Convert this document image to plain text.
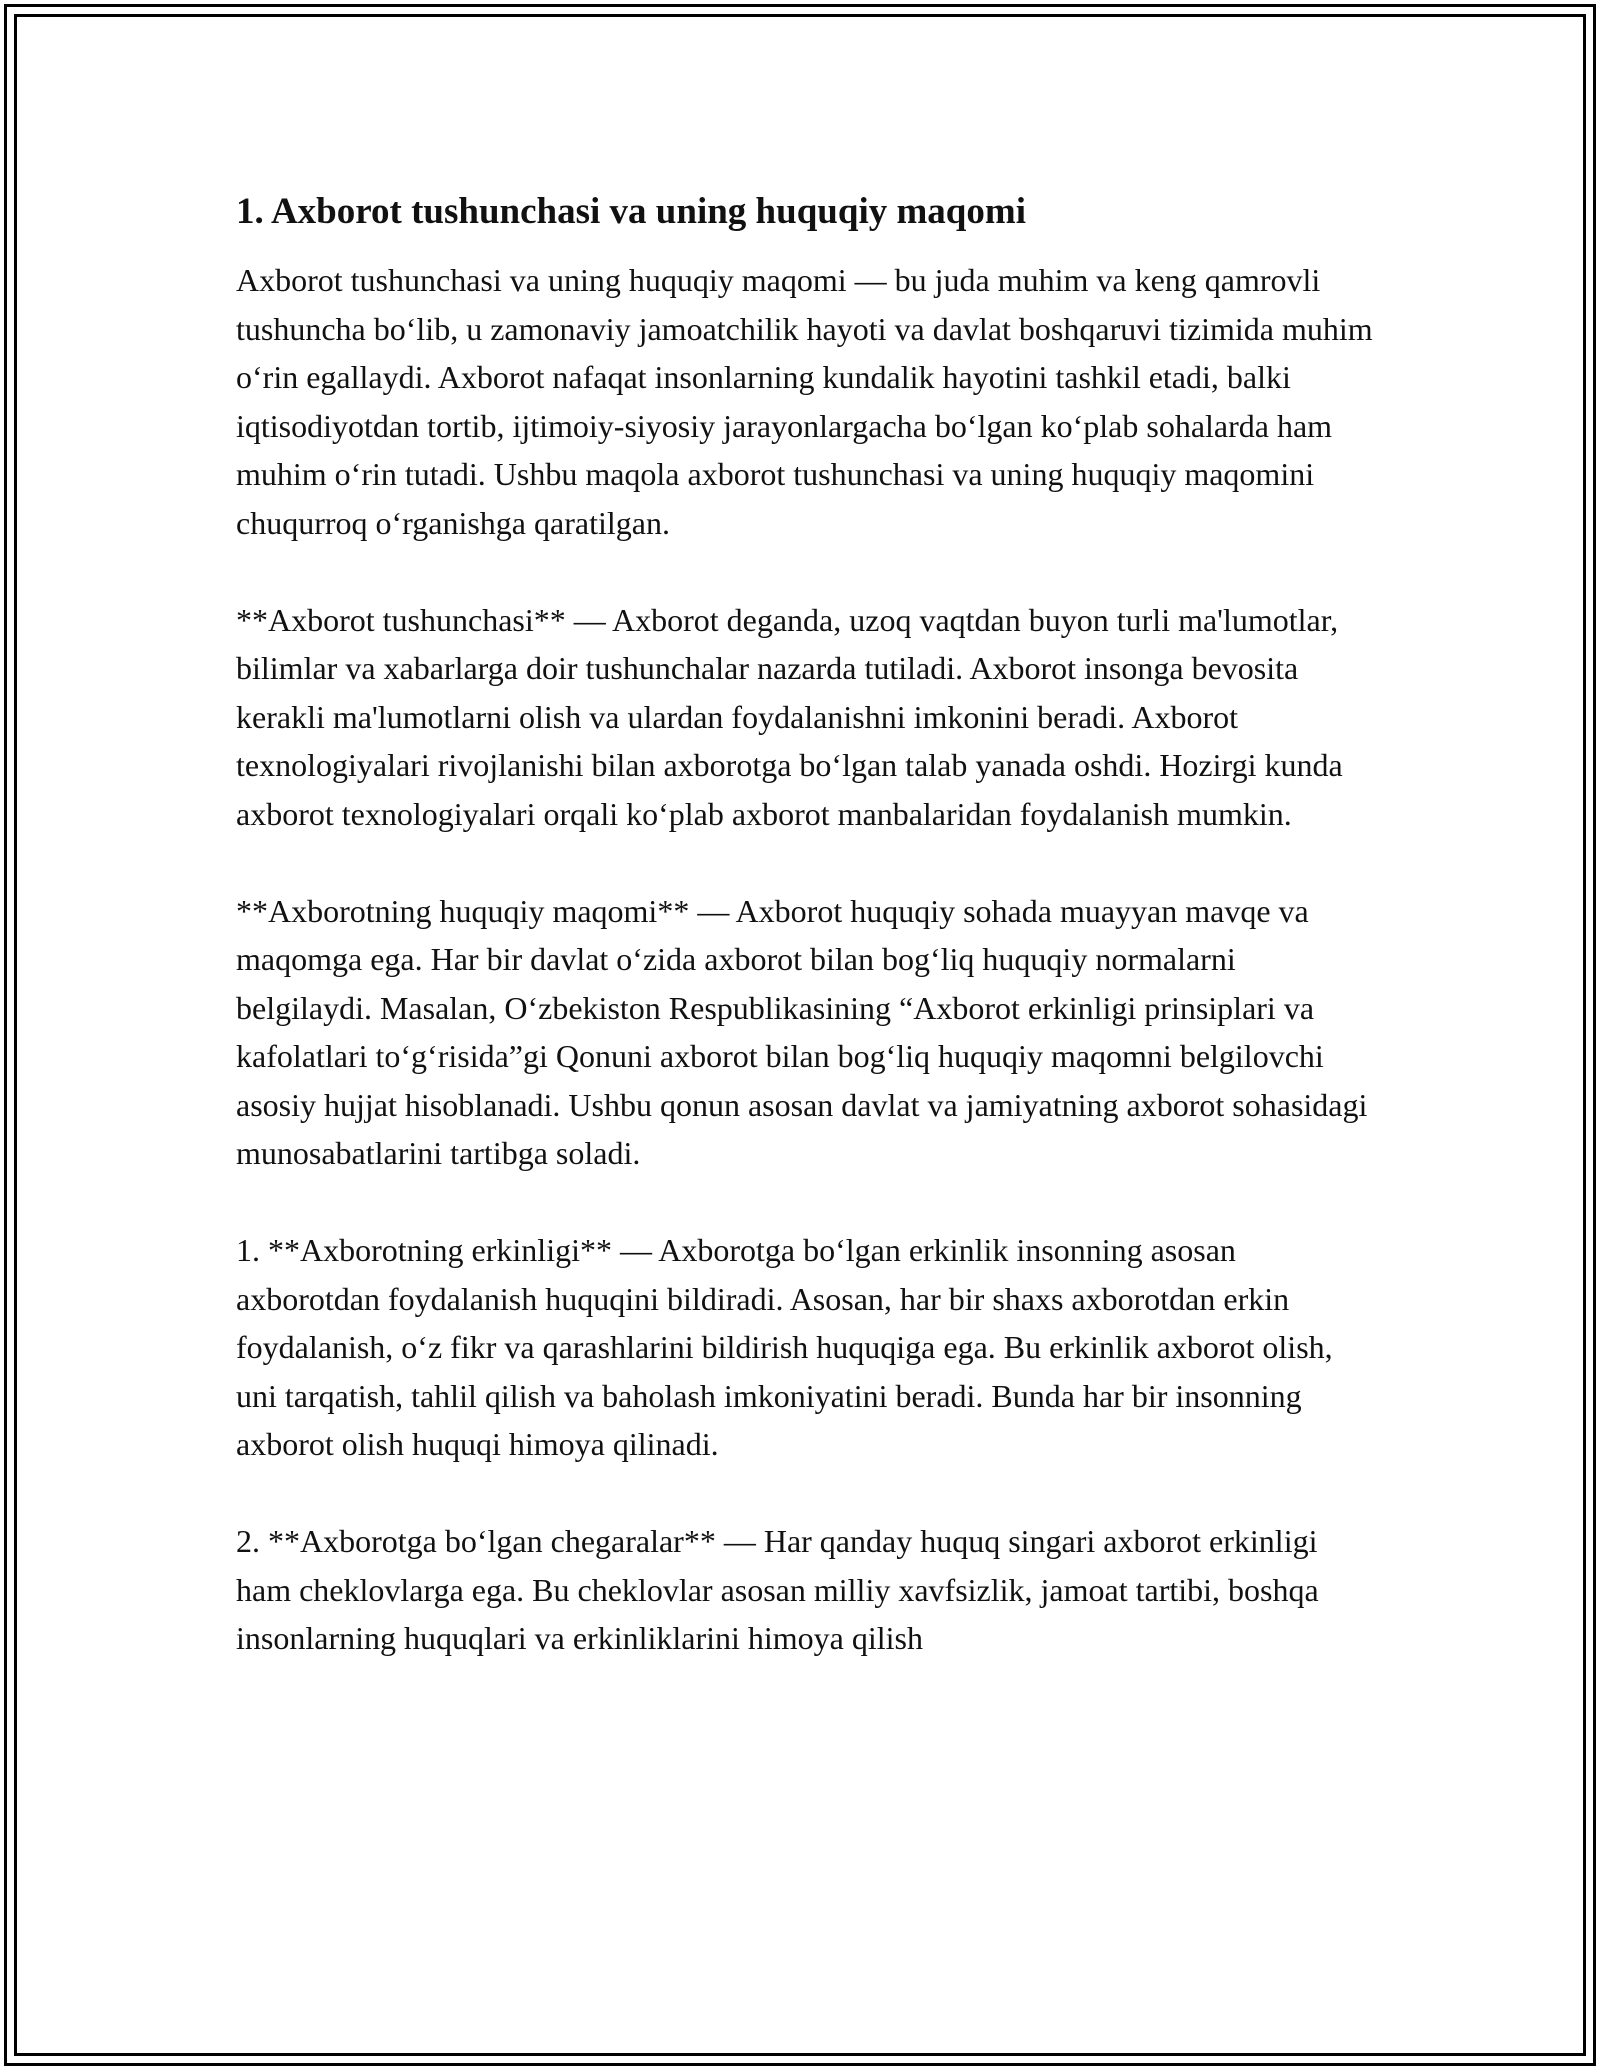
1. Axborot tushunchasi va uning huquqiy maqomi

Axborot tushunchasi va uning huquqiy maqomi — bu juda muhim va keng qamrovli tushuncha bo‘lib, u zamonaviy jamoatchilik hayoti va davlat boshqaruvi tizimida muhim o‘rin egallaydi. Axborot nafaqat insonlarning kundalik hayotini tashkil etadi, balki iqtisodiyotdan tortib, ijtimoiy-siyosiy jarayonlargacha bo‘lgan ko‘plab sohalarda ham muhim o‘rin tutadi. Ushbu maqola axborot tushunchasi va uning huquqiy maqomini chuqurroq o‘rganishga qaratilgan.

**Axborot tushunchasi** — Axborot deganda, uzoq vaqtdan buyon turli ma'lumotlar, bilimlar va xabarlarga doir tushunchalar nazarda tutiladi. Axborot insonga bevosita kerakli ma'lumotlarni olish va ulardan foydalanishni imkonini beradi. Axborot texnologiyalari rivojlanishi bilan axborotga bo‘lgan talab yanada oshdi. Hozirgi kunda axborot texnologiyalari orqali ko‘plab axborot manbalaridan foydalanish mumkin.

**Axborotning huquqiy maqomi** — Axborot huquqiy sohada muayyan mavqe va maqomga ega. Har bir davlat o‘zida axborot bilan bog‘liq huquqiy normalarni belgilaydi. Masalan, O‘zbekiston Respublikasining “Axborot erkinligi prinsiplari va kafolatlari to‘g‘risida”gi Qonuni axborot bilan bog‘liq huquqiy maqomni belgilovchi asosiy hujjat hisoblanadi. Ushbu qonun asosan davlat va jamiyatning axborot sohasidagi munosabatlarini tartibga soladi.

1. **Axborotning erkinligi** — Axborotga bo‘lgan erkinlik insonning asosan axborotdan foydalanish huquqini bildiradi. Asosan, har bir shaxs axborotdan erkin foydalanish, o‘z fikr va qarashlarini bildirish huquqiga ega. Bu erkinlik axborot olish, uni tarqatish, tahlil qilish va baholash imkoniyatini beradi. Bunda har bir insonning axborot olish huquqi himoya qilinadi.

2. **Axborotga bo‘lgan chegaralar** — Har qanday huquq singari axborot erkinligi ham cheklovlarga ega. Bu cheklovlar asosan milliy xavfsizlik, jamoat tartibi, boshqa insonlarning huquqlari va erkinliklarini himoya qilish
